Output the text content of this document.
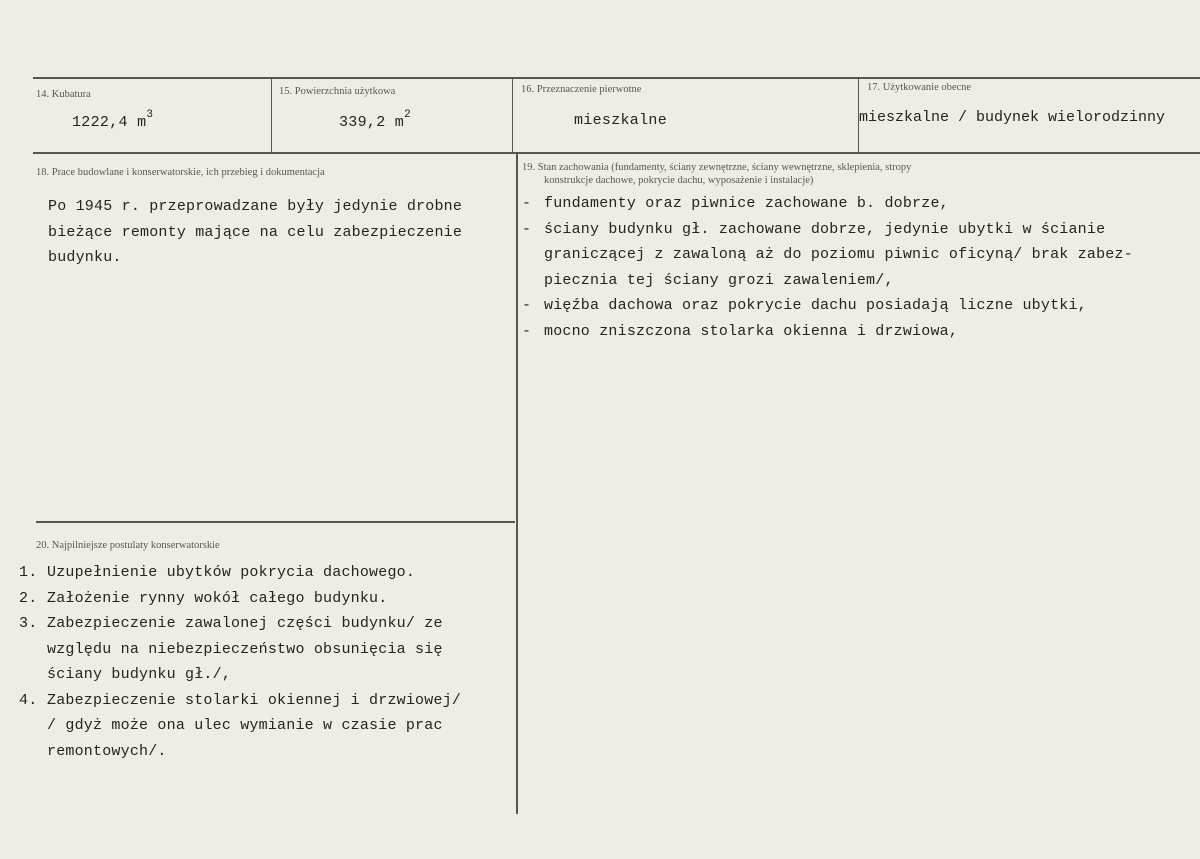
14. Kubatura
1222,4 $m^3$
15. Powierzchnia użytkowa
339,2 $m^2$
16. Przeznaczenie pierwotne
mieszkalne
17. Użytkowanie obecne
mieszkalne / budynek wielorodzinny
18. Prace budowlane i konserwatorskie, ich przebieg i dokumentacja
Po 1945 r. przeprowadzane były jedynie drobne
bieżące remonty mające na celu zabezpieczenie
budynku.
19. Stan zachowania (fundamenty, ściany zewnętrzne, ściany wewnętrzne, sklepienia, stropy
konstrukcje dachowe, pokrycie dachu, wyposażenie i instalacje)
- fundamenty oraz piwnice zachowane b. dobrze,
- ściany budynku gł. zachowane dobrze, jedynie ubytki w ścianie
graniczącej z zawaloną aż do poziomu piwnic oficyną/ brak zabez-
piecznia tej ściany grozi zawaleniem/,
- więźba dachowa oraz pokrycie dachu posiadają liczne ubytki,
- mocno zniszczona stolarka okienna i drzwiowa,
20. Najpilniejsze postulaty konserwatorskie
1. Uzupełnienie ubytków pokrycia dachowego.
2. Założenie rynny wokół całego budynku.
3. Zabezpieczenie zawalonej części budynku/ ze
względu na niebezpieczeństwo obsunięcia się
ściany budynku gł./,
4. Zabezpieczenie stolarki okiennej i drzwiowej/
/ gdyż może ona ulec wymianie w czasie prac
remontowych/.
